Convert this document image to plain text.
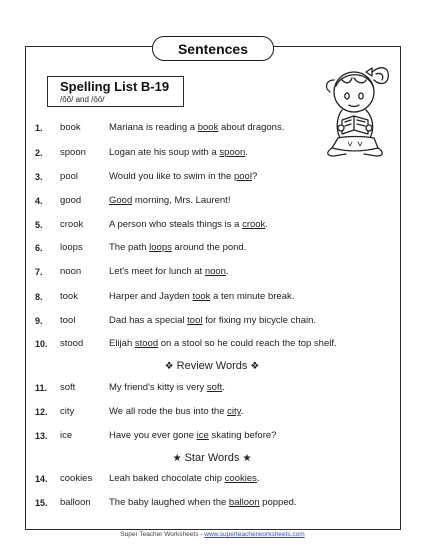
Sentences
Spelling List B-19
/ŏŏ/ and /ōō/
1. book	Mariana is reading a book about dragons.
2. spoon Logan ate his soup with a spoon.
3. pool	Would you like to swim in the pool?
4. good	Good morning, Mrs. Laurent!
5. crook	A person who steals things is a crook.
6. loops	The path loops around the pond.
7. noon	Let's meet for lunch at noon.
8. took	Harper and Jayden took a ten minute break.
9. tool	Dad has a special tool for fixing my bicycle chain.
10. stood	Elijah stood on a stool so he could reach the top shelf.
❖ Review Words ❖
11. soft	My friend's kitty is very soft.
12. city	We all rode the bus into the city.
13. ice	Have you ever gone ice skating before?
★ Star Words ★
14. cookies Leah baked chocolate chip cookies.
15. balloon The baby laughed when the balloon popped.
Super Teacher Worksheets - www.superteacherworksheets.com
